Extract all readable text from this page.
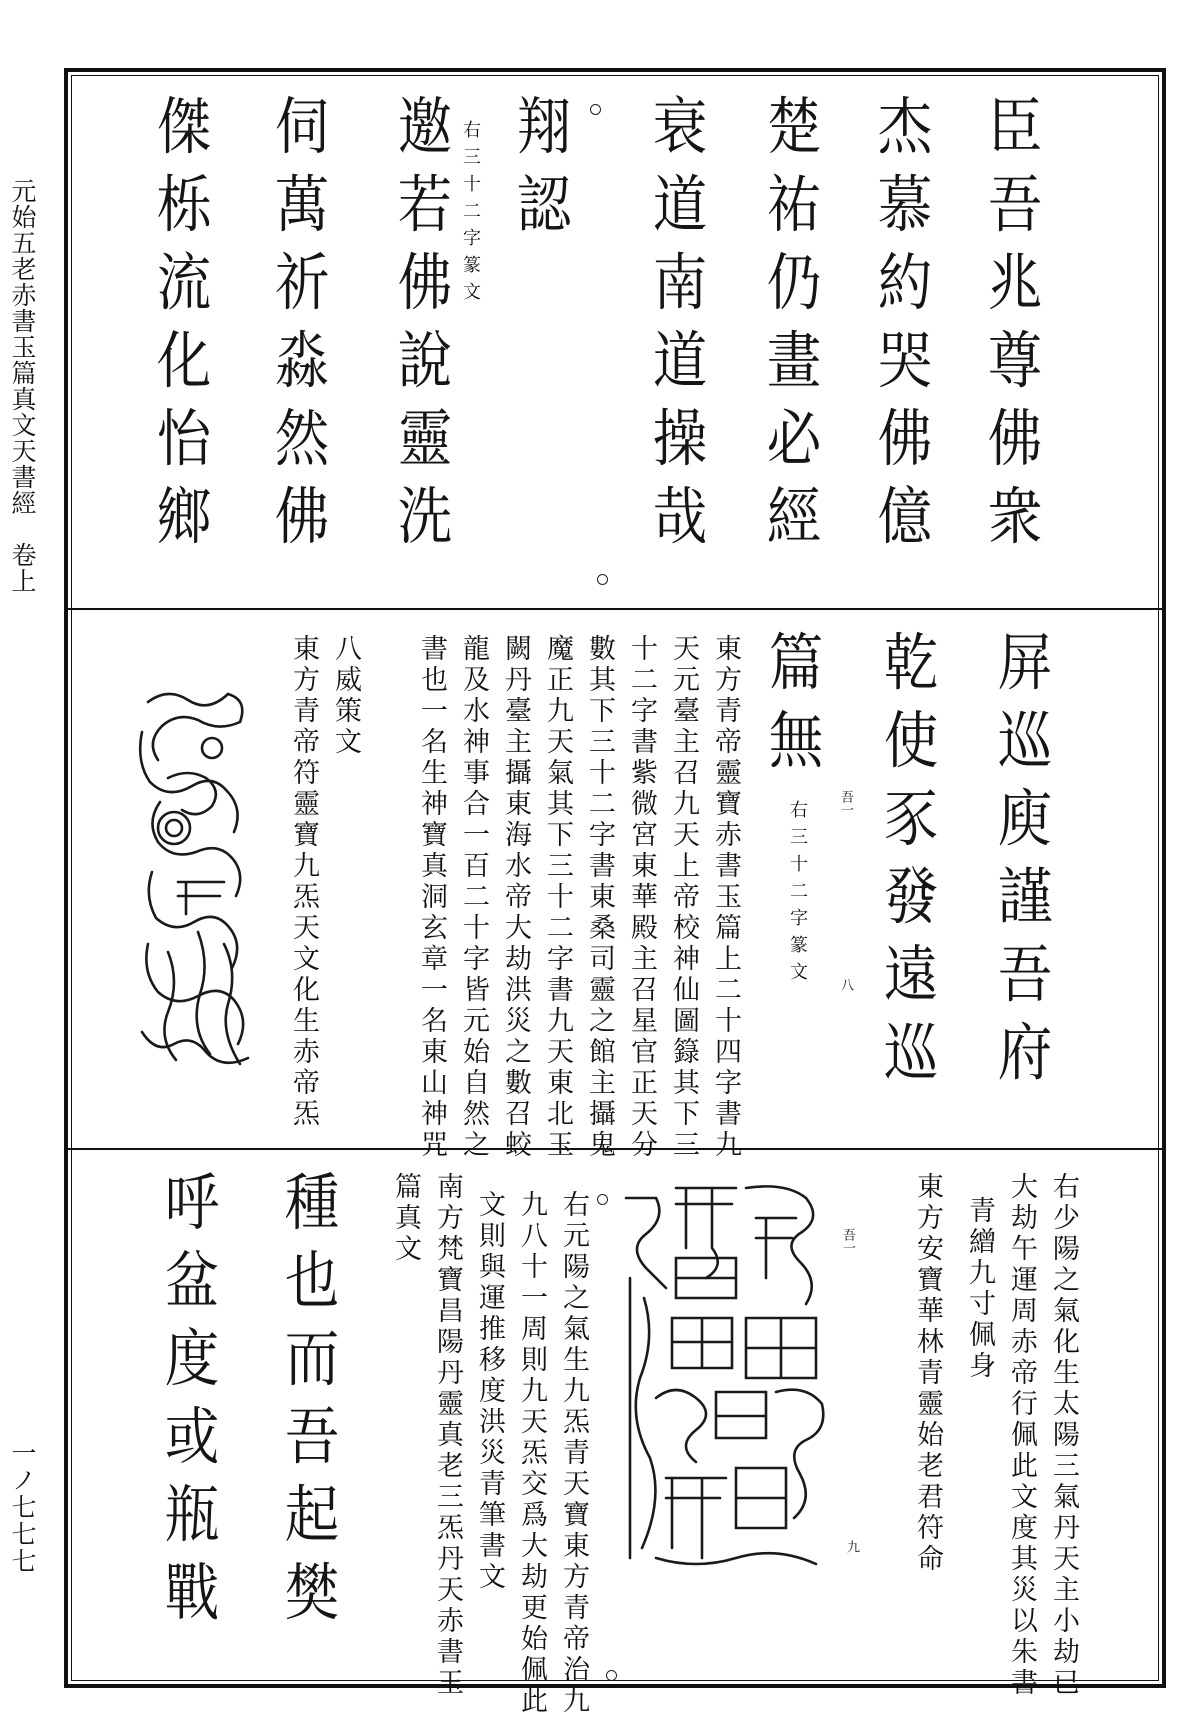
元始五老赤書玉篇真文天書經　卷上
一ノ七七七
臣
吾
兆
尊
佛
衆
杰
慕
約
哭
佛
億
楚
祐
仍
畫
必
經
衰
道
南
道
操
哉
翔
認
右三十二字篆文
邀
若
佛
說
靈
洗
伺
萬
祈
淼
然
佛
傑
栎
流
化
怡
鄉
屏
巡
庾
謹
吾
府
乾
使
豕
發
遠
巡
篇
無
右三十二字篆文 吾一
八
東方青帝靈寶赤書玉篇上二十四字書九
天元臺主召九天上帝校神仙圖籙其下三
十二字書紫微宮東華殿主召星官正天分
數其下三十二字書東桑司靈之館主攝鬼
魔正九天氣其下三十二字書九天東北玉
闕丹臺主攝東海水帝大劫洪災之數召蛟
龍及水神事合一百二十字皆元始自然之
書也一名生神寶真洞玄章一名東山神咒
八威策文
東方青帝符靈寶九炁天文化生赤帝炁
右少陽之氣化生太陽三氣丹天主小劫已
大劫午運周赤帝行佩此文度其災以朱書
青繒九寸佩身
東方安寶華林青靈始老君符命
吾一
九
右元陽之氣生九炁青天寶東方青帝治九
九八十一周則九天炁交爲大劫更始佩此
文則與運推移度洪災青筆書文
南方梵寶昌陽丹靈真老三炁丹天赤書玉
篇真文
種
也
而
吾
起
樊
呼
盆
度
或
瓶
戰
